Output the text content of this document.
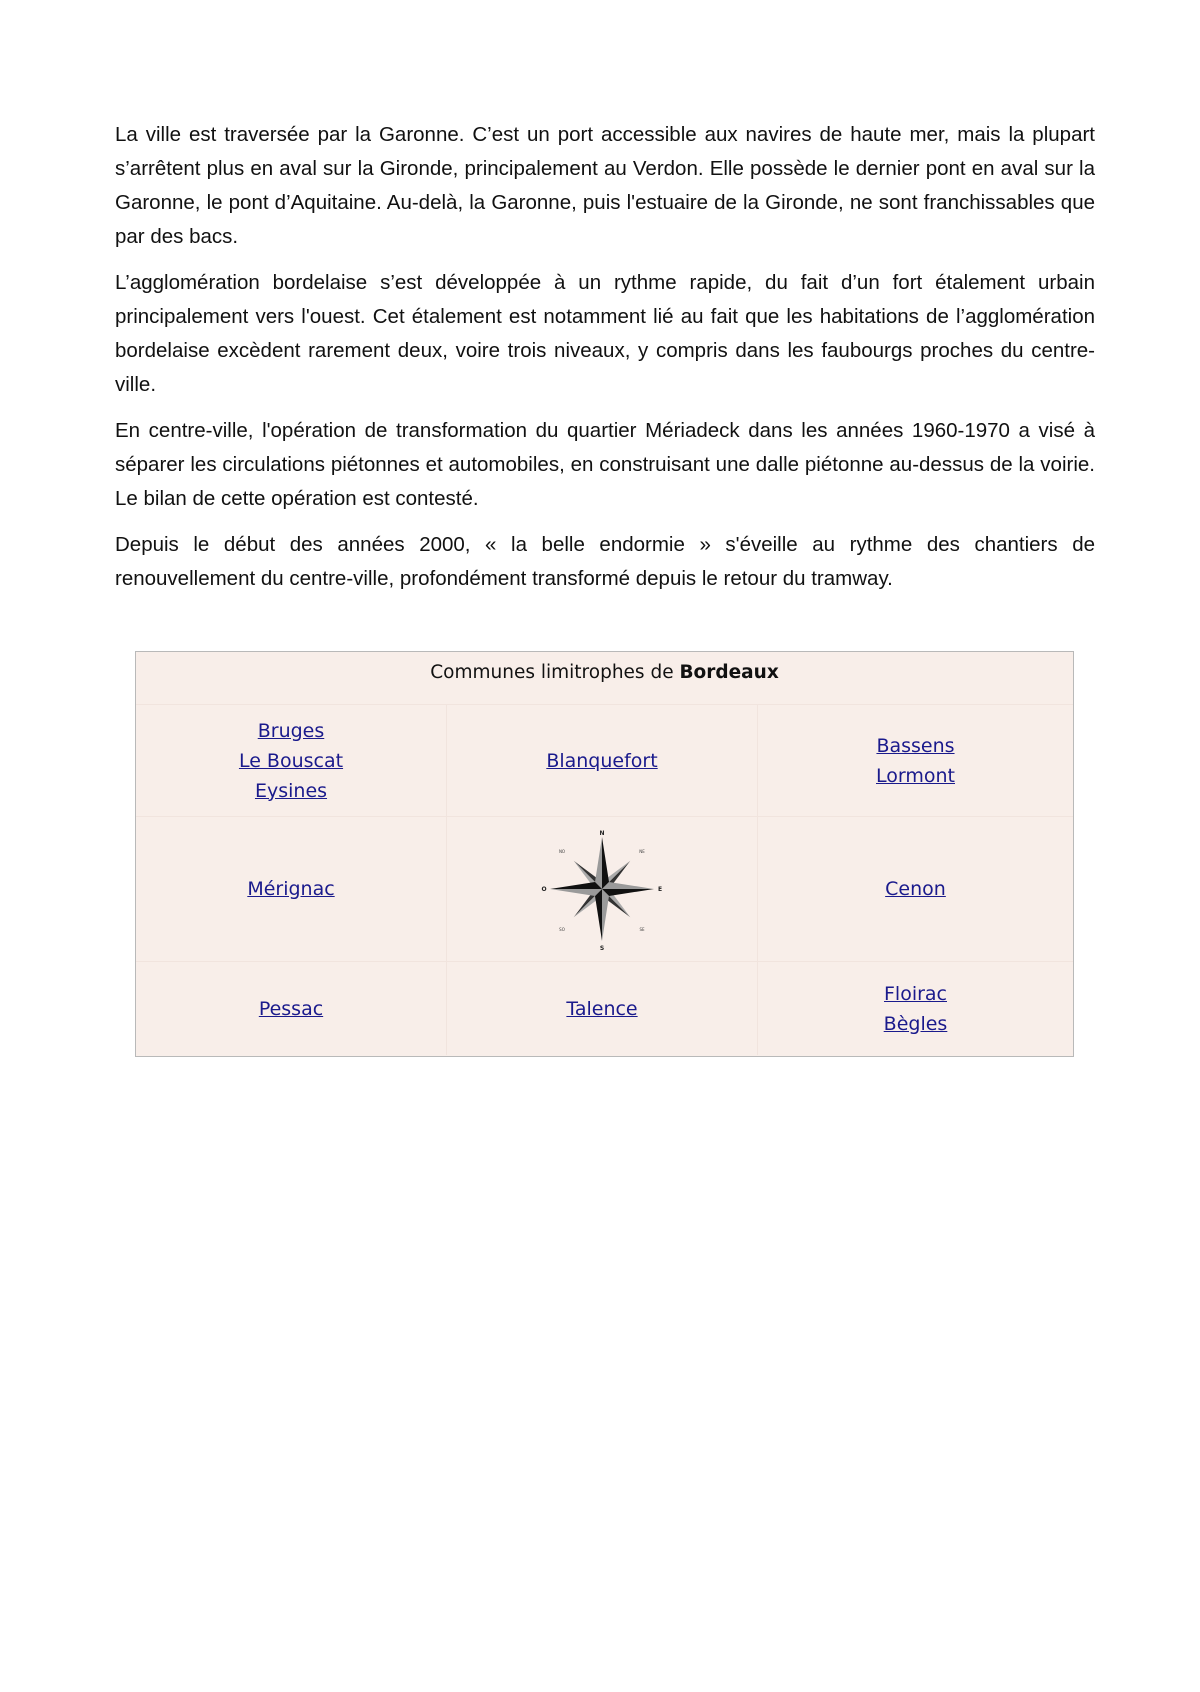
La ville est traversée par la Garonne. C’est un port accessible aux navires de haute mer, mais la plupart s’arrêtent plus en aval sur la Gironde, principalement au Verdon. Elle possède le dernier pont en aval sur la Garonne, le pont d’Aquitaine. Au-delà, la Garonne, puis l'estuaire de la Gironde, ne sont franchissables que par des bacs.

L’agglomération bordelaise s’est développée à un rythme rapide, du fait d’un fort étalement urbain principalement vers l'ouest. Cet étalement est notamment lié au fait que les habitations de l’agglomération bordelaise excèdent rarement deux, voire trois niveaux, y compris dans les faubourgs proches du centre-ville.

En centre-ville, l'opération de transformation du quartier Mériadeck dans les années 1960-1970 a visé à séparer les circulations piétonnes et automobiles, en construisant une dalle piétonne au-dessus de la voirie. Le bilan de cette opération est contesté.

Depuis le début des années 2000, « la belle endormie » s'éveille au rythme des chantiers de renouvellement du centre-ville, profondément transformé depuis le retour du tramway.

Communes limitrophes de Bordeaux
Bruges
Le Bouscat
Eysines
Blanquefort
Bassens
Lormont
Mérignac
N
S
E
O
NE
NO
SE
SO
Cenon
Pessac	Talence
Floirac
Bègles
